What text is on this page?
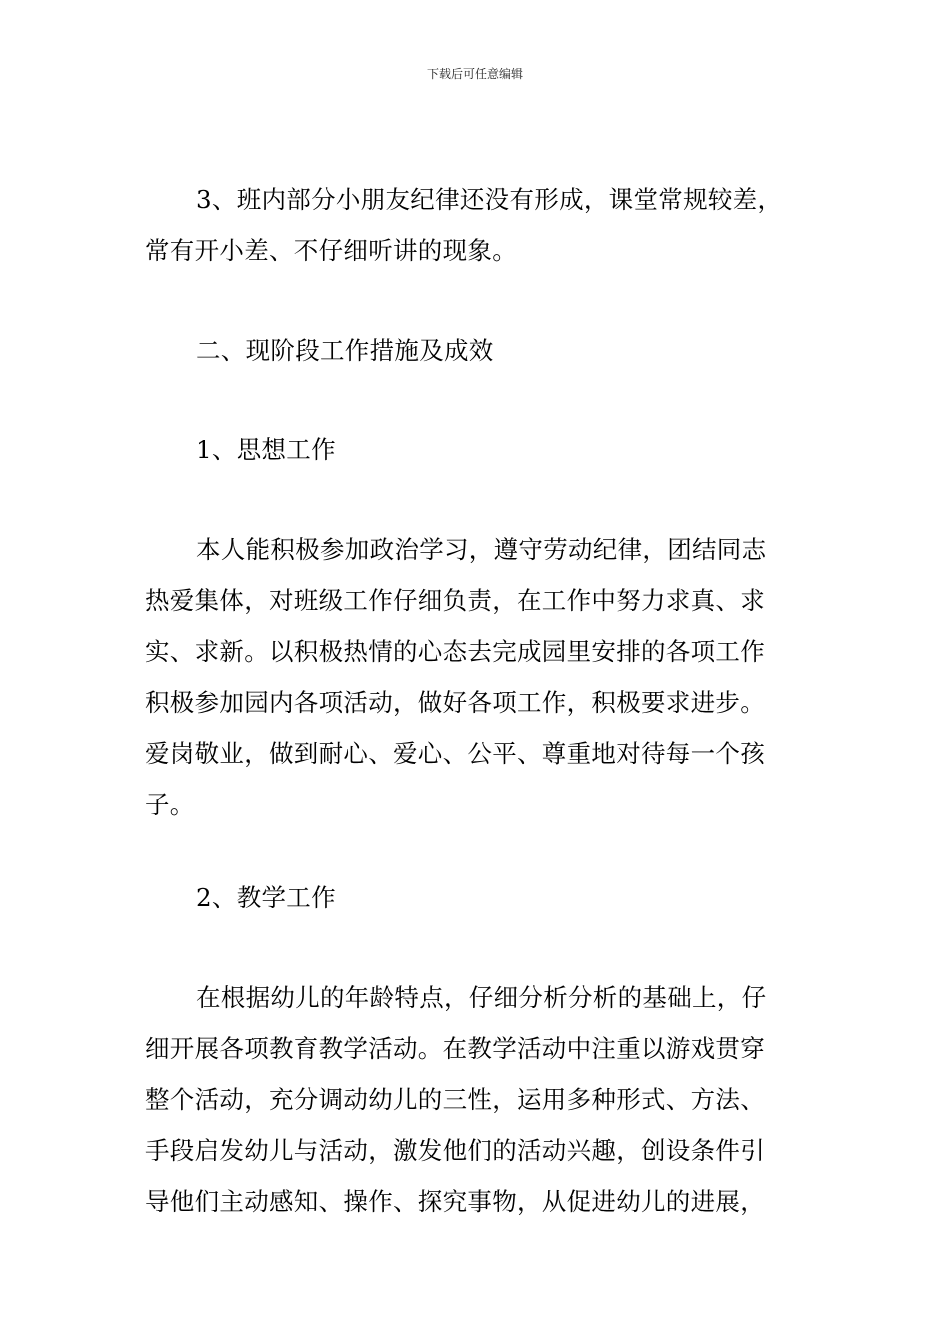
下载后可任意编辑

3、班内部分小朋友纪律还没有形成，课堂常规较差，
常有开小差、不仔细听讲的现象。

二、现阶段工作措施及成效

1、思想工作

本人能积极参加政治学习，遵守劳动纪律，团结同志
热爱集体，对班级工作仔细负责，在工作中努力求真、求
实、求新。以积极热情的心态去完成园里安排的各项工作
积极参加园内各项活动，做好各项工作，积极要求进步。
爱岗敬业，做到耐心、爱心、公平、尊重地对待每一个孩
子。

2、教学工作

在根据幼儿的年龄特点，仔细分析分析的基础上，仔
细开展各项教育教学活动。在教学活动中注重以游戏贯穿
整个活动，充分调动幼儿的三性，运用多种形式、方法、
手段启发幼儿与活动，激发他们的活动兴趣，创设条件引
导他们主动感知、操作、探究事物，从促进幼儿的进展，
